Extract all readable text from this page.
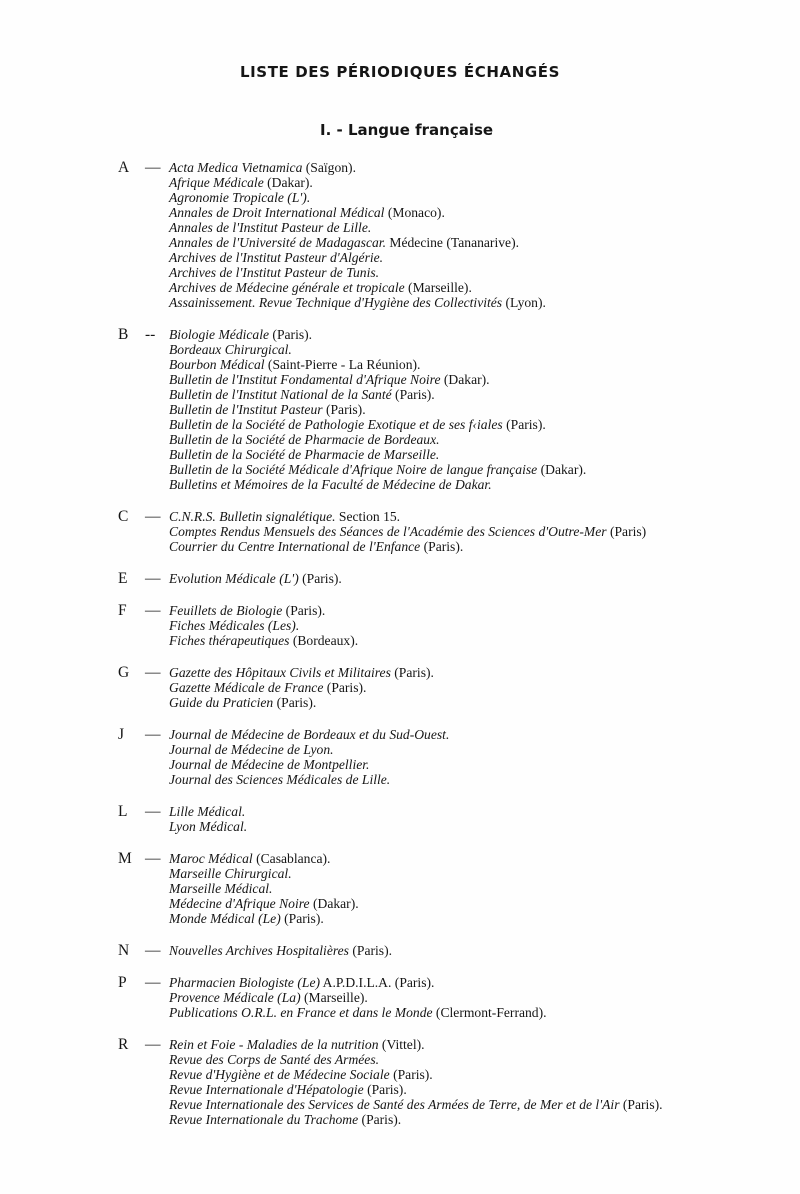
LISTE DES PÉRIODIQUES ÉCHANGÉS
I. - Langue française
A — Acta Medica Vietnamica (Saïgon).
Afrique Médicale (Dakar).
Agronomie Tropicale (L').
Annales de Droit International Médical (Monaco).
Annales de l'Institut Pasteur de Lille.
Annales de l'Université de Madagascar. Médecine (Tananarive).
Archives de l'Institut Pasteur d'Algérie.
Archives de l'Institut Pasteur de Tunis.
Archives de Médecine générale et tropicale (Marseille).
Assainissement. Revue Technique d'Hygiène des Collectivités (Lyon).
B -- Biologie Médicale (Paris).
Bordeaux Chirurgical.
Bourbon Médical (Saint-Pierre - La Réunion).
Bulletin de l'Institut Fondamental d'Afrique Noire (Dakar).
Bulletin de l'Institut National de la Santé (Paris).
Bulletin de l'Institut Pasteur (Paris).
Bulletin de la Société de Pathologie Exotique et de ses f‹iales (Paris).
Bulletin de la Société de Pharmacie de Bordeaux.
Bulletin de la Société de Pharmacie de Marseille.
Bulletin de la Société Médicale d'Afrique Noire de langue française (Dakar).
Bulletins et Mémoires de la Faculté de Médecine de Dakar.
C — C.N.R.S. Bulletin signalétique. Section 15.
Comptes Rendus Mensuels des Séances de l'Académie des Sciences d'Outre-Mer (Paris)
Courrier du Centre International de l'Enfance (Paris).
E — Evolution Médicale (L') (Paris).
F — Feuillets de Biologie (Paris).
Fiches Médicales (Les).
Fiches thérapeutiques (Bordeaux).
G — Gazette des Hôpitaux Civils et Militaires (Paris).
Gazette Médicale de France (Paris).
Guide du Praticien (Paris).
J — Journal de Médecine de Bordeaux et du Sud-Ouest.
Journal de Médecine de Lyon.
Journal de Médecine de Montpellier.
Journal des Sciences Médicales de Lille.
L — Lille Médical.
Lyon Médical.
M — Maroc Médical (Casablanca).
Marseille Chirurgical.
Marseille Médical.
Médecine d'Afrique Noire (Dakar).
Monde Médical (Le) (Paris).
N — Nouvelles Archives Hospitalières (Paris).
P — Pharmacien Biologiste (Le) A.P.D.I.L.A. (Paris).
Provence Médicale (La) (Marseille).
Publications O.R.L. en France et dans le Monde (Clermont-Ferrand).
R — Rein et Foie - Maladies de la nutrition (Vittel).
Revue des Corps de Santé des Armées.
Revue d'Hygiène et de Médecine Sociale (Paris).
Revue Internationale d'Hépatologie (Paris).
Revue Internationale des Services de Santé des Armées de Terre, de Mer et de l'Air (Paris).
Revue Internationale du Trachome (Paris).
